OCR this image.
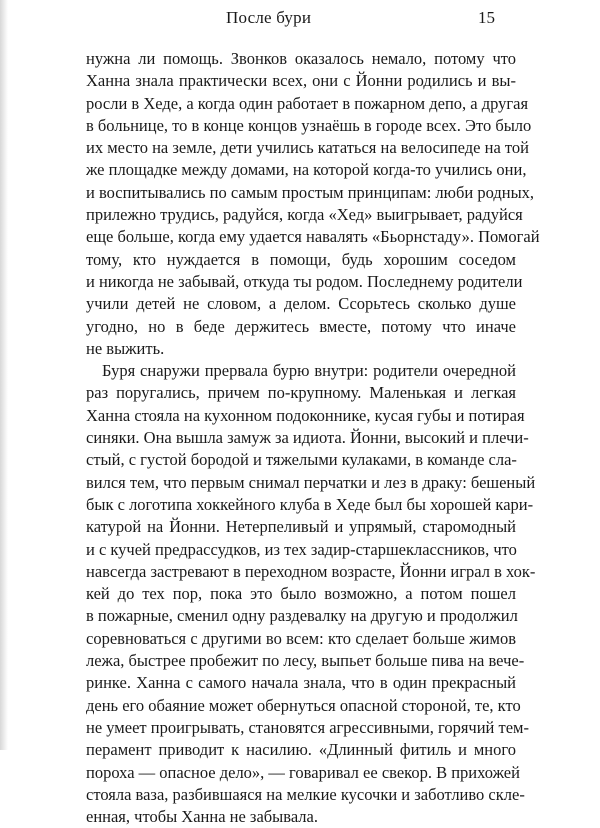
После бури	15
нужна ли помощь. Звонков оказалось немало, потому что
Ханна знала практически всех, они с Йонни родились и вы-
росли в Хеде, а когда один работает в пожарном депо, а другая
в больнице, то в конце концов узнаёшь в городе всех. Это было
их место на земле, дети учились кататься на велосипеде на той
же площадке между домами, на которой когда-то учились они,
и воспитывались по самым простым принципам: люби родных,
прилежно трудись, радуйся, когда «Хед» выигрывает, радуйся
еще больше, когда ему удается навалять «Бьорнстаду». Помогай
тому, кто нуждается в помощи, будь хорошим соседом
и никогда не забывай, откуда ты родом. Последнему родители
учили детей не словом, а делом. Ссорьтесь сколько душе
угодно, но в беде держитесь вместе, потому что иначе
не выжить.
Буря снаружи прервала бурю внутри: родители очередной
раз поругались, причем по-крупному. Маленькая и легкая
Ханна стояла на кухонном подоконнике, кусая губы и потирая
синяки. Она вышла замуж за идиота. Йонни, высокий и плечи-
стый, с густой бородой и тяжелыми кулаками, в команде сла-
вился тем, что первым снимал перчатки и лез в драку: бешеный
бык с логотипа хоккейного клуба в Хеде был бы хорошей кари-
катурой на Йонни. Нетерпеливый и упрямый, старомодный
и с кучей предрассудков, из тех задир-старшеклассников, что
навсегда застревают в переходном возрасте, Йонни играл в хок-
кей до тех пор, пока это было возможно, а потом пошел
в пожарные, сменил одну раздевалку на другую и продолжил
соревноваться с другими во всем: кто сделает больше жимов
лежа, быстрее пробежит по лесу, выпьет больше пива на вече-
ринке. Ханна с самого начала знала, что в один прекрасный
день его обаяние может обернуться опасной стороной, те, кто
не умеет проигрывать, становятся агрессивными, горячий тем-
перамент приводит к насилию. «Длинный фитиль и много
пороха — опасное дело», — говаривал ее свекор. В прихожей
стояла ваза, разбившаяся на мелкие кусочки и заботливо скле-
енная, чтобы Ханна не забывала.
